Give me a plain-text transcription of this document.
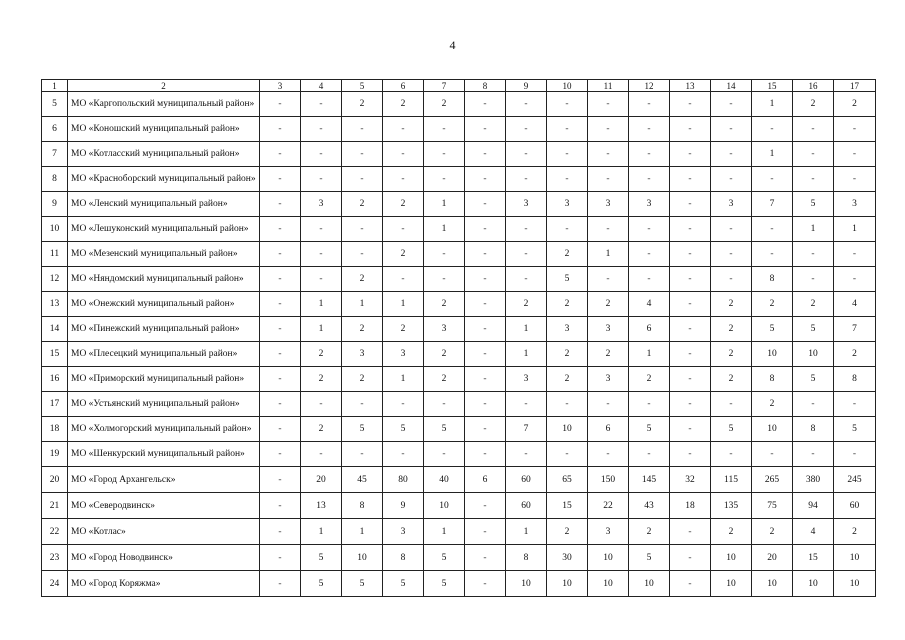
4
1	2	3	4	5	6	7	8	9	10	11	12	13	14	15	16	17
5	МО «Каргопольский муниципальный район»	-	-	2	2	2	-	-	-	-	-	-	-	1	2	2
6	МО «Коношский муниципальный район»	-	-	-	-	-	-	-	-	-	-	-	-	-	-	-
7	МО «Котласский муниципальный район»	-	-	-	-	-	-	-	-	-	-	-	-	1	-	-
8	МО «Красноборский муниципальный район»	-	-	-	-	-	-	-	-	-	-	-	-	-	-	-
9	МО «Ленский муниципальный район»	-	3	2	2	1	-	3	3	3	3	-	3	7	5	3
10	МО «Лешуконский муниципальный район»	-	-	-	-	1	-	-	-	-	-	-	-	-	1	1
11	МО «Мезенский муниципальный район»	-	-	-	2	-	-	-	2	1	-	-	-	-	-	-
12	МО «Няндомский муниципальный район»	-	-	2	-	-	-	-	5	-	-	-	-	8	-	-
13	МО «Онежский муниципальный район»	-	1	1	1	2	-	2	2	2	4	-	2	2	2	4
14	МО «Пинежский муниципальный район»	-	1	2	2	3	-	1	3	3	6	-	2	5	5	7
15	МО «Плесецкий муниципальный район»	-	2	3	3	2	-	1	2	2	1	-	2	10	10	2
16	МО «Приморский муниципальный район»	-	2	2	1	2	-	3	2	3	2	-	2	8	5	8
17	МО «Устьянский муниципальный район»	-	-	-	-	-	-	-	-	-	-	-	-	2	-	-
18	МО «Холмогорский муниципальный район»	-	2	5	5	5	-	7	10	6	5	-	5	10	8	5
19	МО «Шенкурский муниципальный район»	-	-	-	-	-	-	-	-	-	-	-	-	-	-	-
20	МО «Город Архангельск»	-	20	45	80	40	6	60	65	150	145	32	115	265	380	245
21	МО «Северодвинск»	-	13	8	9	10	-	60	15	22	43	18	135	75	94	60
22	МО «Котлас»	-	1	1	3	1	-	1	2	3	2	-	2	2	4	2
23	МО «Город Новодвинск»	-	5	10	8	5	-	8	30	10	5	-	10	20	15	10
24	МО «Город Коряжма»	-	5	5	5	5	-	10	10	10	10	-	10	10	10	10
